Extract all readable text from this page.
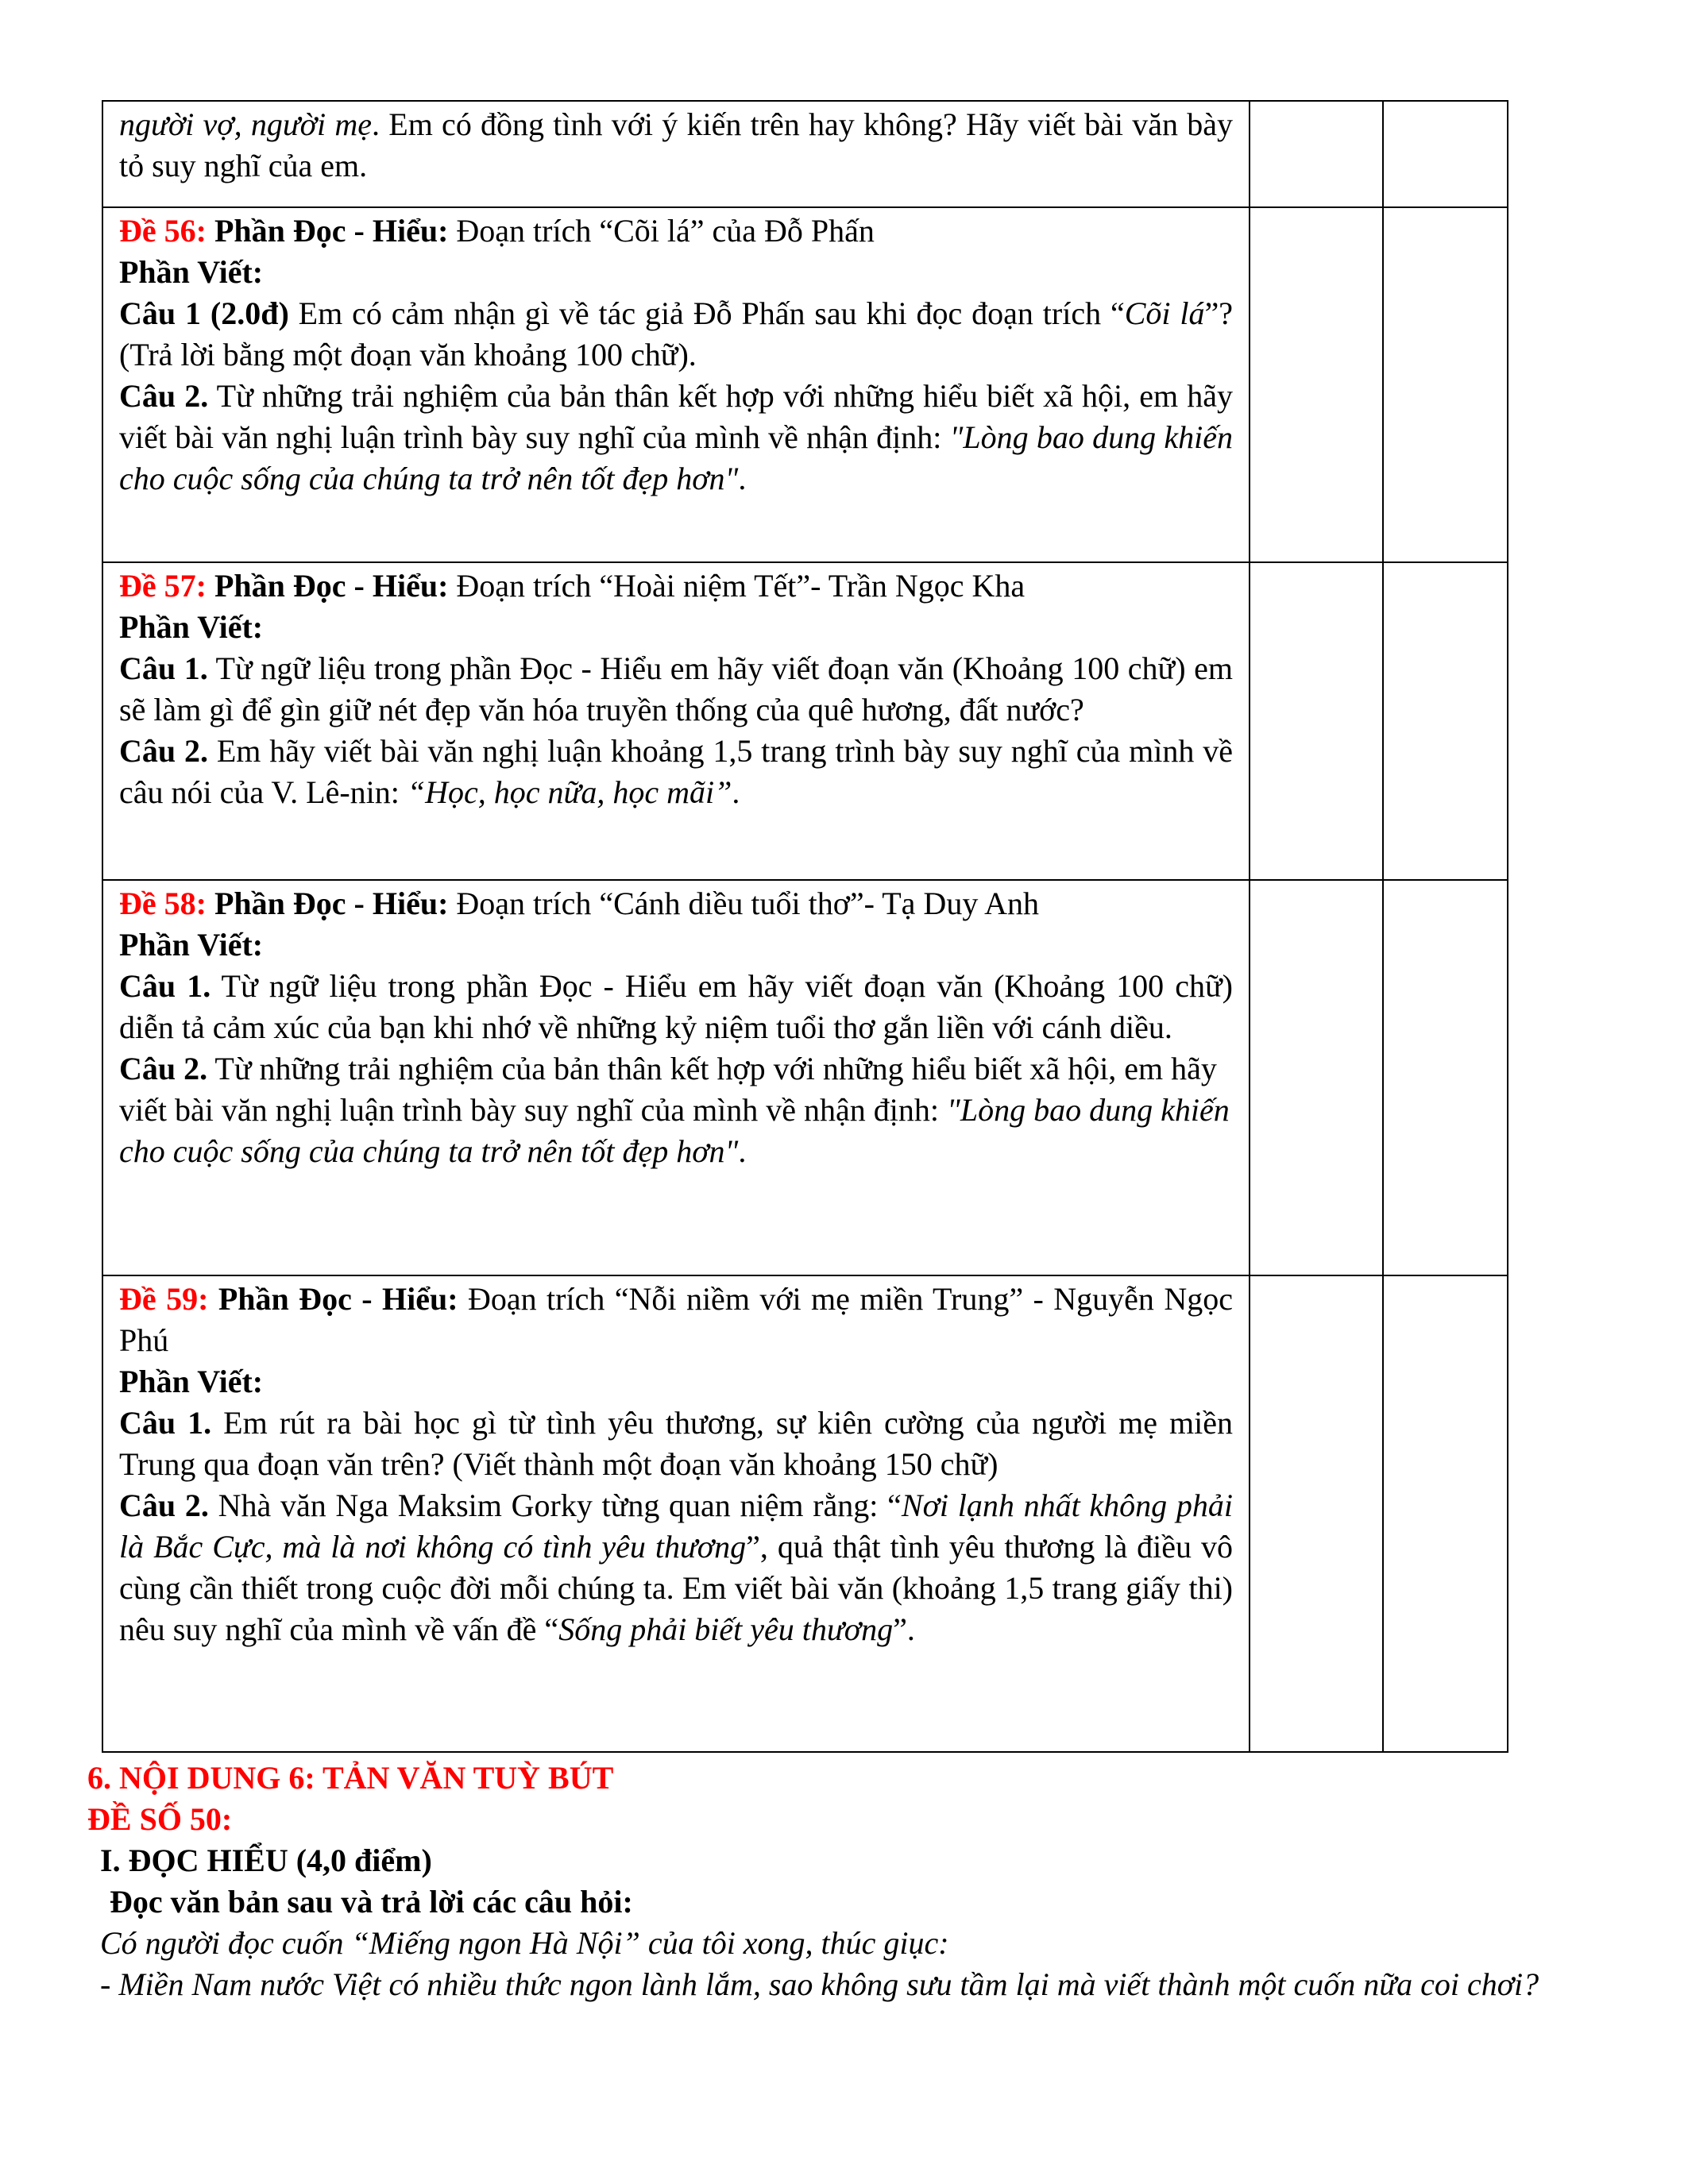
người vợ, người mẹ. Em có đồng tình với ý kiến trên hay không? Hãy viết bài văn bày tỏ suy nghĩ của em.		

Đề 56: Phần Đọc - Hiểu: Đoạn trích “Cõi lá” của Đỗ Phấn

Phần Viết:

Câu 1 (2.0đ) Em có cảm nhận gì về tác giả Đỗ Phấn sau khi đọc đoạn trích “Cõi lá”? (Trả lời bằng một đoạn văn khoảng 100 chữ).

Câu 2. Từ những trải nghiệm của bản thân kết hợp với những hiểu biết xã hội, em hãy viết bài văn nghị luận trình bày suy nghĩ của mình về nhận định: "Lòng bao dung khiến cho cuộc sống của chúng ta trở nên tốt đẹp hơn".		

Đề 57: Phần Đọc - Hiểu: Đoạn trích “Hoài niệm Tết”- Trần Ngọc Kha

Phần Viết:

Câu 1. Từ ngữ liệu trong phần Đọc - Hiểu em hãy viết đoạn văn (Khoảng 100 chữ) em sẽ làm gì để gìn giữ nét đẹp văn hóa truyền thống của quê hương, đất nước?

Câu 2. Em hãy viết bài văn nghị luận khoảng 1,5 trang trình bày suy nghĩ của mình về câu nói của V. Lê-nin: “Học, học nữa, học mãi”.		

Đề 58: Phần Đọc - Hiểu: Đoạn trích “Cánh diều tuổi thơ”- Tạ Duy Anh

Phần Viết:

Câu 1. Từ ngữ liệu trong phần Đọc - Hiểu em hãy viết đoạn văn (Khoảng 100 chữ) diễn tả cảm xúc của bạn khi nhớ về những kỷ niệm tuổi thơ gắn liền với cánh diều.

Câu 2. Từ những trải nghiệm của bản thân kết hợp với những hiểu biết xã hội, em hãy viết bài văn nghị luận trình bày suy nghĩ của mình về nhận định: "Lòng bao dung khiến cho cuộc sống của chúng ta trở nên tốt đẹp hơn".		

Đề 59: Phần Đọc - Hiểu: Đoạn trích “Nỗi niềm với mẹ miền Trung” - Nguyễn Ngọc Phú

Phần Viết:

Câu 1. Em rút ra bài học gì từ tình yêu thương, sự kiên cường của người mẹ miền Trung qua đoạn văn trên? (Viết thành một đoạn văn khoảng 150 chữ)

Câu 2. Nhà văn Nga Maksim Gorky từng quan niệm rằng: “Nơi lạnh nhất không phải là Bắc Cực, mà là nơi không có tình yêu thương”, quả thật tình yêu thương là điều vô cùng cần thiết trong cuộc đời mỗi chúng ta. Em viết bài văn (khoảng 1,5 trang giấy thi) nêu suy nghĩ của mình về vấn đề “Sống phải biết yêu thương”.		

6. NỘI DUNG 6: TẢN VĂN TUỲ BÚT

ĐỀ SỐ 50:

I. ĐỌC HIỂU (4,0 điểm)

Đọc văn bản sau và trả lời các câu hỏi:

Có người đọc cuốn “Miếng ngon Hà Nội” của tôi xong, thúc giục:

- Miền Nam nước Việt có nhiều thức ngon lành lắm, sao không sưu tầm lại mà viết thành một cuốn nữa coi chơi?
